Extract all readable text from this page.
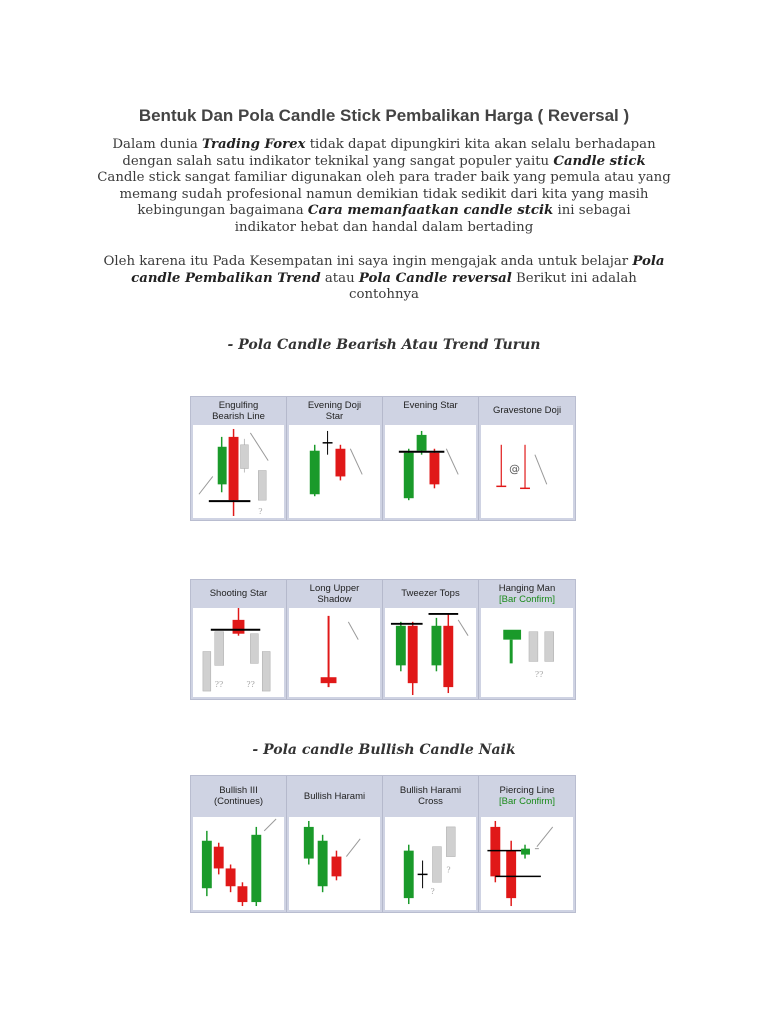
Bentuk Dan Pola Candle Stick Pembalikan Harga ( Reversal )
Dalam dunia Trading Forex tidak dapat dipungkiri kita akan selalu berhadapan
dengan salah satu indikator teknikal yang sangat populer yaitu Candle stick
Candle stick sangat familiar digunakan oleh para trader baik yang pemula atau yang
memang sudah profesional namun demikian tidak sedikit dari kita yang masih
kebingungan bagaimana Cara memanfaatkan candle stcik ini sebagai
indikator hebat dan handal dalam bertading
Oleh karena itu Pada Kesempatan ini saya ingin mengajak anda untuk belajar Pola
candle Pembalikan Trend atau Pola Candle reversal Berikut ini adalah
contohnya
- Pola Candle Bearish Atau Trend Turun
Engulfing Bearish Line
?
Evening Doji Star
Evening Star	Gravestone Doji
@
Shooting Star
??	??
Long Upper Shadow	Tweezer Tops	Hanging Man
[Bar Confirm]
??
- Pola candle Bullish Candle Naik
Bullish III
(Continues)	Bullish Harami	Bullish Harami Cross
?
?
Piercing Line
[Bar Confirm]
